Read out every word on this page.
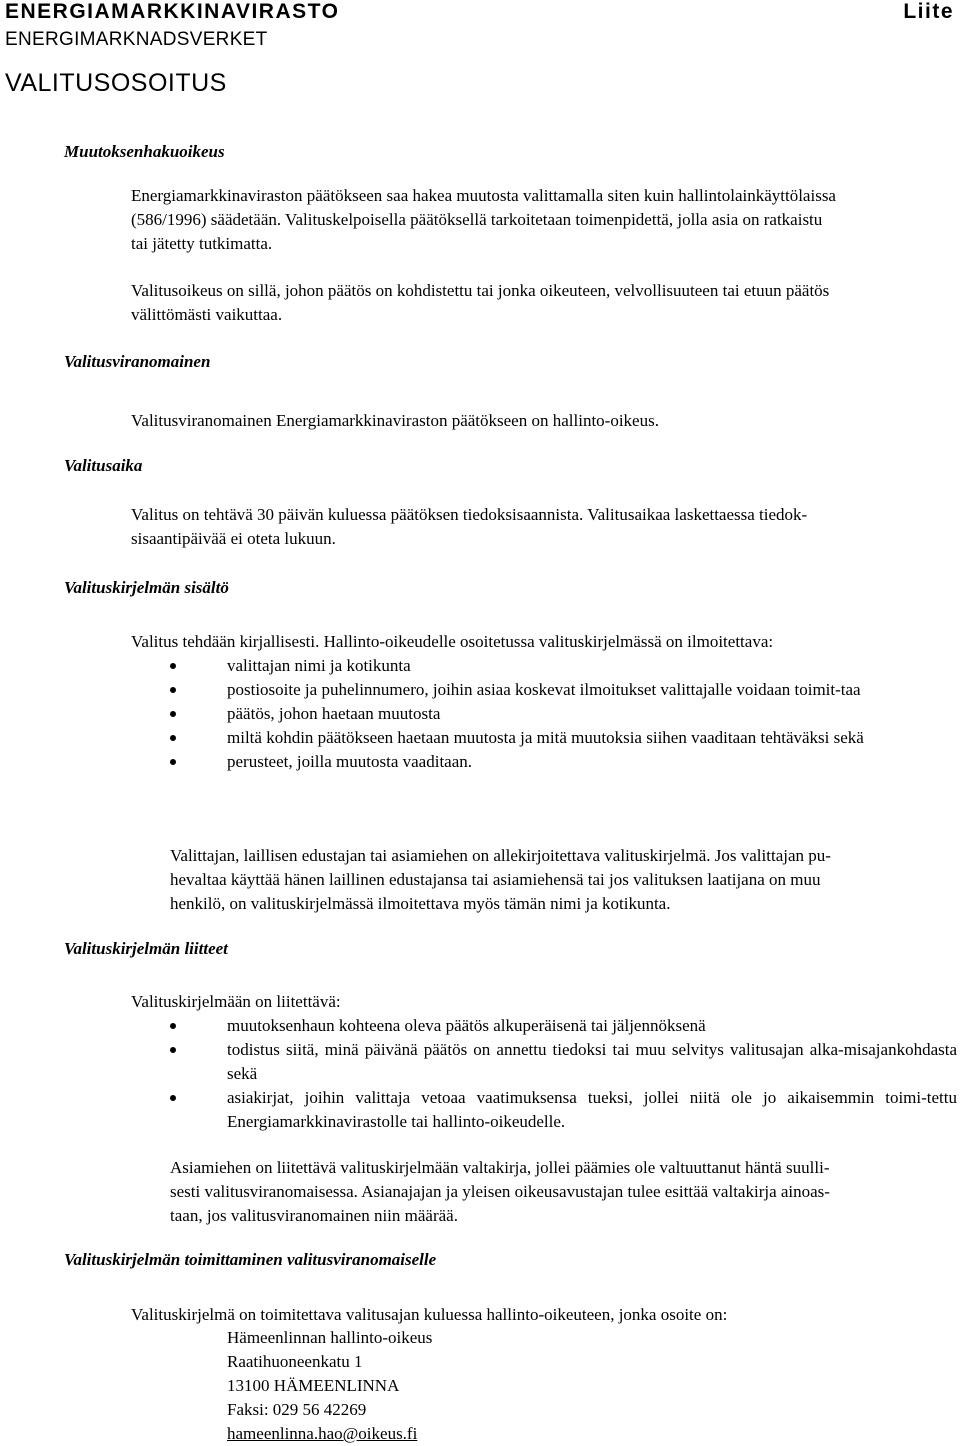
ENERGIAMARKKINAVIRASTO	Liite
ENERGIMARKNADSVERKET
VALITUSOSOITUS
Muutoksenhakuoikeus
Energiamarkkinaviraston päätökseen saa hakea muutosta valittamalla siten kuin hallintolainkäyttölaissa
(586/1996) säädetään. Valituskelpoisella päätöksellä tarkoitetaan toimenpidettä, jolla asia on ratkaistu
tai jätetty tutkimatta.
Valitusoikeus on sillä, johon päätös on kohdistettu tai jonka oikeuteen, velvollisuuteen tai etuun päätös
välittömästi vaikuttaa.
Valitusviranomainen
Valitusviranomainen Energiamarkkinaviraston päätökseen on hallinto-oikeus.
Valitusaika
Valitus on tehtävä 30 päivän kuluessa päätöksen tiedoksisaannista. Valitusaikaa laskettaessa tiedok-
sisaantipäivää ei oteta lukuun.
Valituskirjelmän sisältö
Valitus tehdään kirjallisesti. Hallinto-oikeudelle osoitetussa valituskirjelmässä on ilmoitettava:
valittajan nimi ja kotikunta
postiosoite ja puhelinnumero, joihin asiaa koskevat ilmoitukset valittajalle voidaan toimit-taa
päätös, johon haetaan muutosta
miltä kohdin päätökseen haetaan muutosta ja mitä muutoksia siihen vaaditaan tehtäväksi sekä
perusteet, joilla muutosta vaaditaan.
Valittajan, laillisen edustajan tai asiamiehen on allekirjoitettava valituskirjelmä. Jos valittajan pu-
hevaltaa käyttää hänen laillinen edustajansa tai asiamiehensä tai jos valituksen laatijana on muu
henkilö, on valituskirjelmässä ilmoitettava myös tämän nimi ja kotikunta.
Valituskirjelmän liitteet
Valituskirjelmään on liitettävä:
muutoksenhaun kohteena oleva päätös alkuperäisenä tai jäljennöksenä
todistus siitä, minä päivänä päätös on annettu tiedoksi tai muu selvitys valitusajan alka-misajankohdasta sekä
asiakirjat, joihin valittaja vetoaa vaatimuksensa tueksi, jollei niitä ole jo aikaisemmin toimi-tettu Energiamarkkinavirastolle tai hallinto-oikeudelle.
Asiamiehen on liitettävä valituskirjelmään valtakirja, jollei päämies ole valtuuttanut häntä suulli-
sesti valitusviranomaisessa. Asianajajan ja yleisen oikeusavustajan tulee esittää valtakirja ainoas-
taan, jos valitusviranomainen niin määrää.
Valituskirjelmän toimittaminen valitusviranomaiselle
Valituskirjelmä on toimitettava valitusajan kuluessa hallinto-oikeuteen, jonka osoite on:
Hämeenlinnan hallinto-oikeus
Raatihuoneenkatu 1
13100 HÄMEENLINNA
Faksi: 029 56 42269
hameenlinna.hao@oikeus.fi
